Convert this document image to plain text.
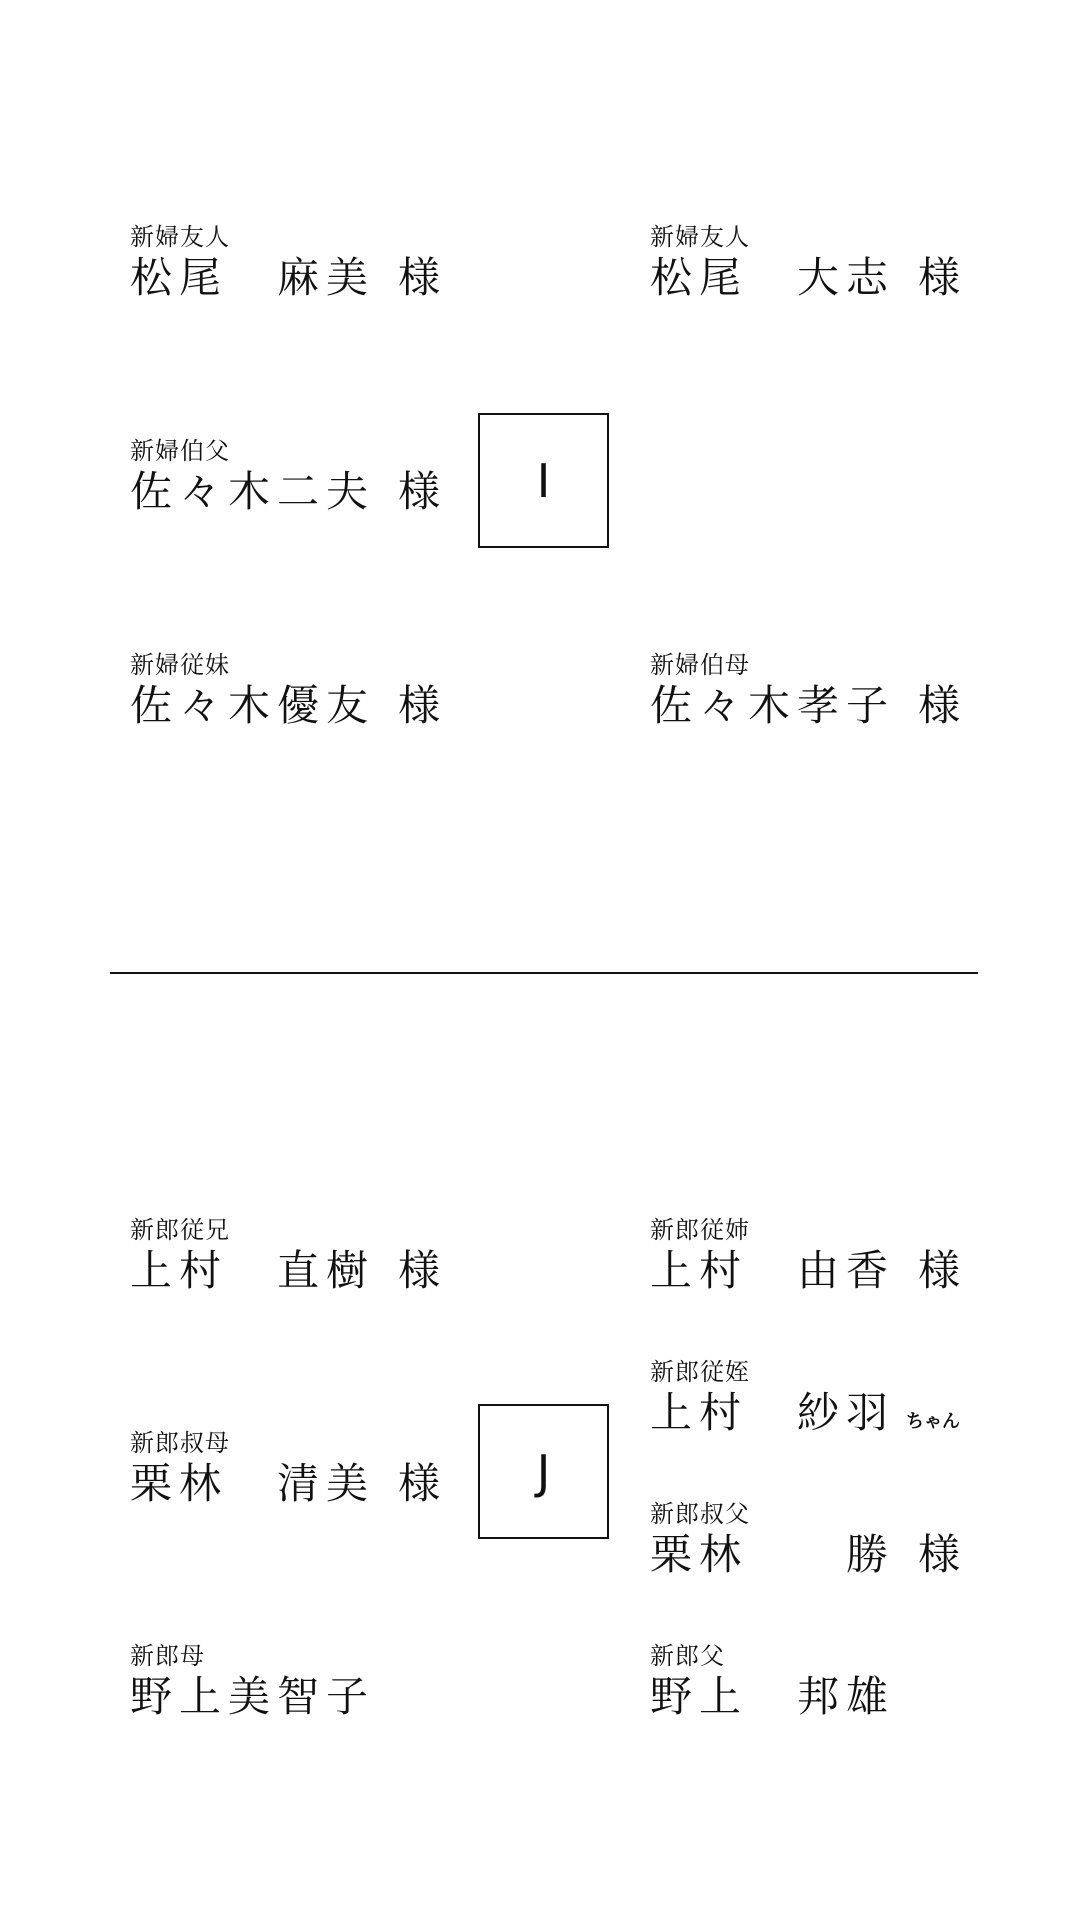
新婦友人
松尾　麻美 様
新婦友人
松尾　大志 様
新婦伯父
佐々木二夫 様 I
新婦従妹
佐々木優友 様
新婦伯母
佐々木孝子 様
新郎従兄
上村　直樹 様
新郎従姉
上村　由香 様
新郎従姪
上村　紗羽 ちゃん
新郎叔母
栗林　清美 様 J
新郎叔父
栗林　　勝 様
新郎母
野上美智子
新郎父
野上　邦雄
